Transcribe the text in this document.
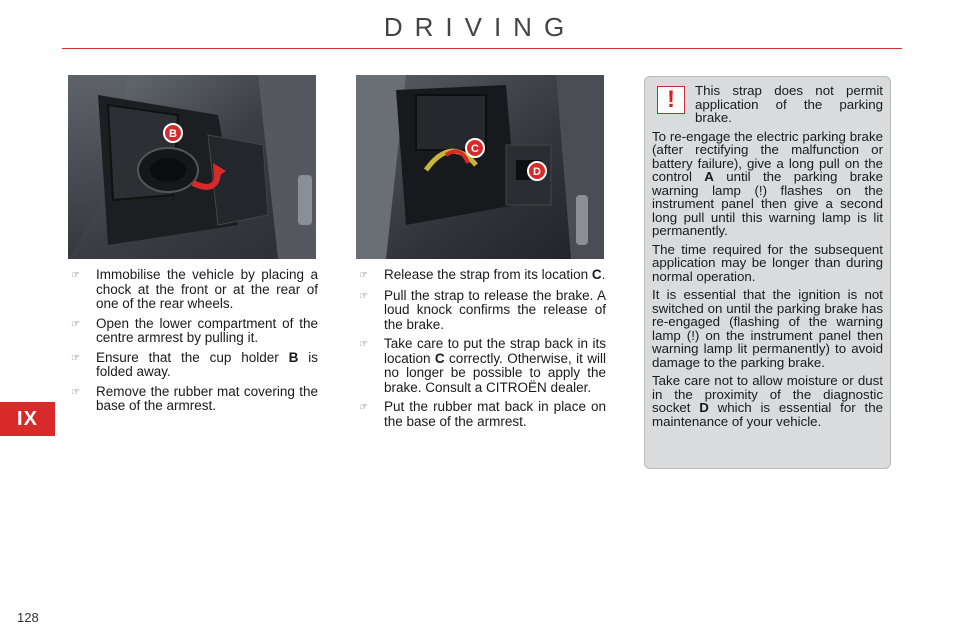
DRIVING
IX
128
B
C
D
☞	Immobilise the vehicle by placing a chock at the front or at the rear of one of the rear wheels.
☞	Open the lower compartment of the centre armrest by pulling it.
☞	Ensure that the cup holder B is folded away.
☞	Remove the rubber mat covering the base of the armrest.
☞	Release the strap from its location C.
☞	Pull the strap to release the brake. A loud knock confirms the release of the brake.
☞	Take care to put the strap back in its location C correctly. Otherwise, it will no longer be possible to apply the brake. Consult a CITROËN dealer.
☞	Put the rubber mat back in place on the base of the armrest.
!	This strap does not permit application of the parking brake.

To re-engage the electric parking brake (after rectifying the malfunction or battery failure), give a long pull on the control A until the parking brake warning lamp (!) flashes on the instrument panel then give a second long pull until this warning lamp is lit permanently.

The time required for the subsequent application may be longer than during normal operation.

It is essential that the ignition is not switched on until the parking brake has re-engaged (flashing of the warning lamp (!) on the instrument panel then warning lamp lit permanently) to avoid damage to the parking brake.

Take care not to allow moisture or dust in the proximity of the diagnostic socket D which is essential for the maintenance of your vehicle.
